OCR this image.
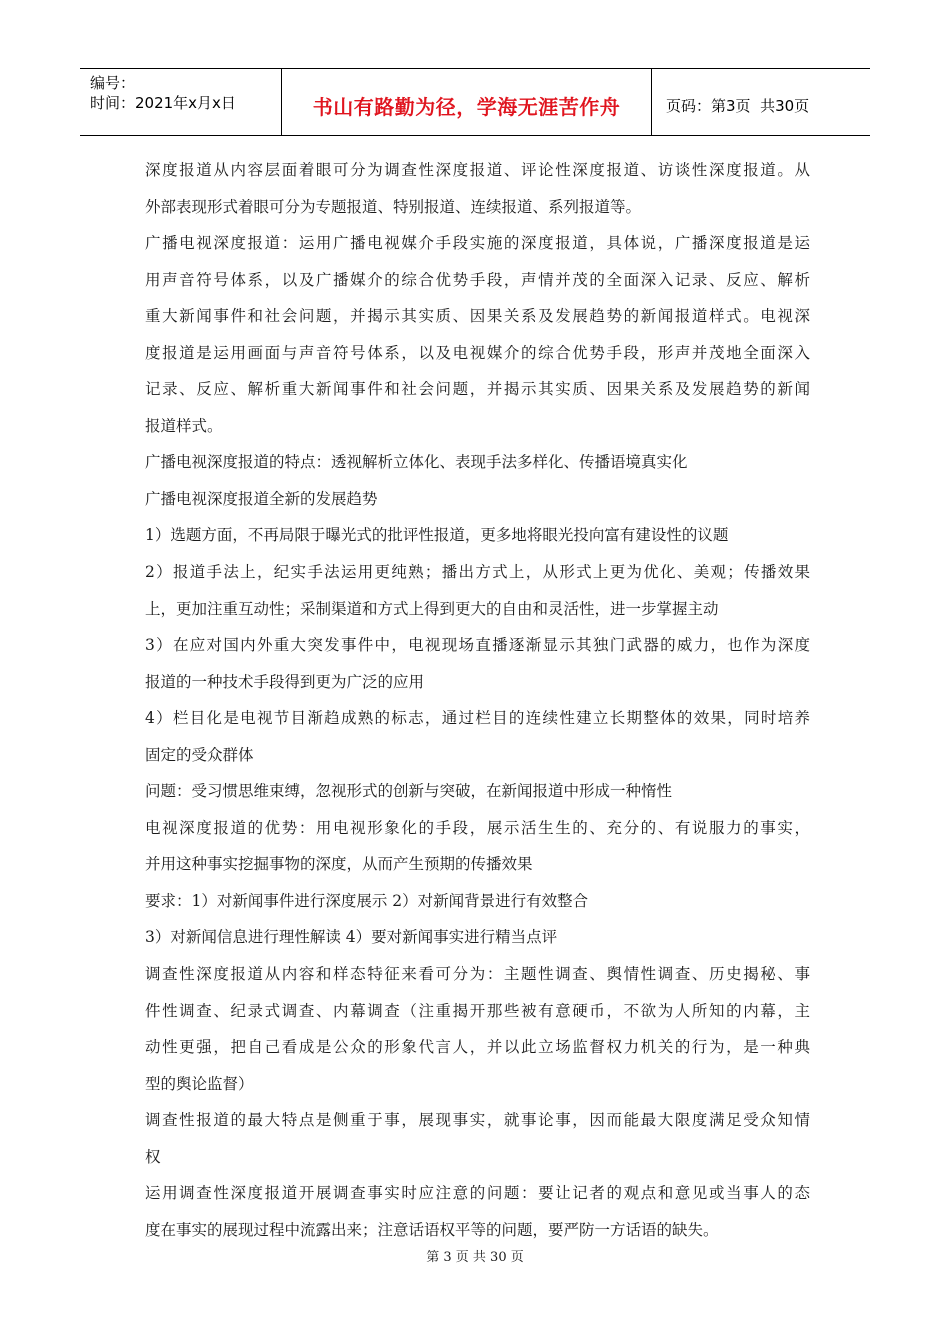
编号：
时间：2021年x月x日	书山有路勤为径，学海无涯苦作舟	页码：第3页  共30页
深度报道从内容层面着眼可分为调查性深度报道、评论性深度报道、访谈性深度报道。从
外部表现形式着眼可分为专题报道、特别报道、连续报道、系列报道等。
广播电视深度报道：运用广播电视媒介手段实施的深度报道，具体说，广播深度报道是运
用声音符号体系，以及广播媒介的综合优势手段，声情并茂的全面深入记录、反应、解析
重大新闻事件和社会问题，并揭示其实质、因果关系及发展趋势的新闻报道样式。电视深
度报道是运用画面与声音符号体系，以及电视媒介的综合优势手段，形声并茂地全面深入
记录、反应、解析重大新闻事件和社会问题，并揭示其实质、因果关系及发展趋势的新闻
报道样式。
广播电视深度报道的特点：透视解析立体化、表现手法多样化、传播语境真实化
广播电视深度报道全新的发展趋势
1）选题方面，不再局限于曝光式的批评性报道，更多地将眼光投向富有建设性的议题
2）报道手法上，纪实手法运用更纯熟；播出方式上，从形式上更为优化、美观；传播效果
上，更加注重互动性；采制渠道和方式上得到更大的自由和灵活性，进一步掌握主动
3）在应对国内外重大突发事件中，电视现场直播逐渐显示其独门武器的威力，也作为深度
报道的一种技术手段得到更为广泛的应用
4）栏目化是电视节目渐趋成熟的标志，通过栏目的连续性建立长期整体的效果，同时培养
固定的受众群体
问题：受习惯思维束缚，忽视形式的创新与突破，在新闻报道中形成一种惰性
电视深度报道的优势：用电视形象化的手段，展示活生生的、充分的、有说服力的事实，
并用这种事实挖掘事物的深度，从而产生预期的传播效果
要求：1）对新闻事件进行深度展示 2）对新闻背景进行有效整合
3）对新闻信息进行理性解读 4）要对新闻事实进行精当点评
调查性深度报道从内容和样态特征来看可分为：主题性调查、舆情性调查、历史揭秘、事
件性调查、纪录式调查、内幕调查（注重揭开那些被有意硬币，不欲为人所知的内幕，主
动性更强，把自己看成是公众的形象代言人，并以此立场监督权力机关的行为，是一种典
型的舆论监督）
调查性报道的最大特点是侧重于事，展现事实，就事论事，因而能最大限度满足受众知情
权
运用调查性深度报道开展调查事实时应注意的问题：要让记者的观点和意见或当事人的态
度在事实的展现过程中流露出来；注意话语权平等的问题，要严防一方话语的缺失。
第 3 页 共 30 页
